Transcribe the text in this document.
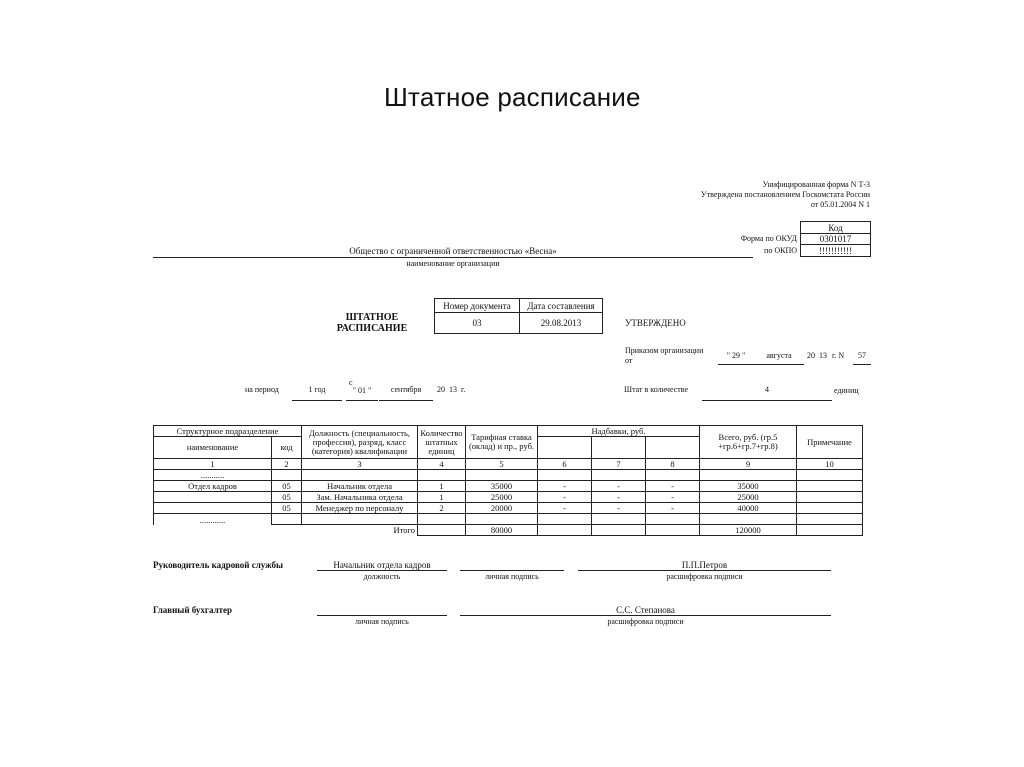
Штатное расписание
Унифицированная форма N Т-3
Утверждена постановлением Госкомстата России
от 05.01.2004 N 1
Код
0301017
!!!!!!!!!!!
Форма по ОКУД
по ОКПО
Общество с ограниченной ответственностью «Весна»
наименование организации
ШТАТНОЕ
РАСПИСАНИЕ
Номер документа	Дата составления
03	29.08.2013	УТВЕРЖДЕНО
Приказом организации
от
" 29 "	августа	20 13 г. N	57
на период	1 год
с
" 01 "	сентября	20 13 г.	Штат в количестве	4	единиц
Структурное подразделение		Должность (специальность, профессия), разряд, класс (категория) квалификации	Количество штатных единиц	Тарифная ставка (оклад) и пр., руб.	Надбавки, руб.			Всего, руб. (гр.5 +гр.6+гр.7+гр.8)	Примечание
наименование	код								

1	2	3	4	5	6	7	8	9	10
...........									
Отдел кадров	05	Начальник отдела	1	35000	-	-	-	35000	
	05	Зам. Начальника отдела	1	25000	-	-	-	25000	
	05	Менеджер по персоналу	2	20000	-	-	-	40000	
............									
		Итого		80000				120000	
Руководитель кадровой службы	Начальник отдела кадров
должность	личная подпись
П.П.Петров
расшифровка подписи
Главный бухгалтер
личная подпись
С.С. Степанова
расшифровка подписи
